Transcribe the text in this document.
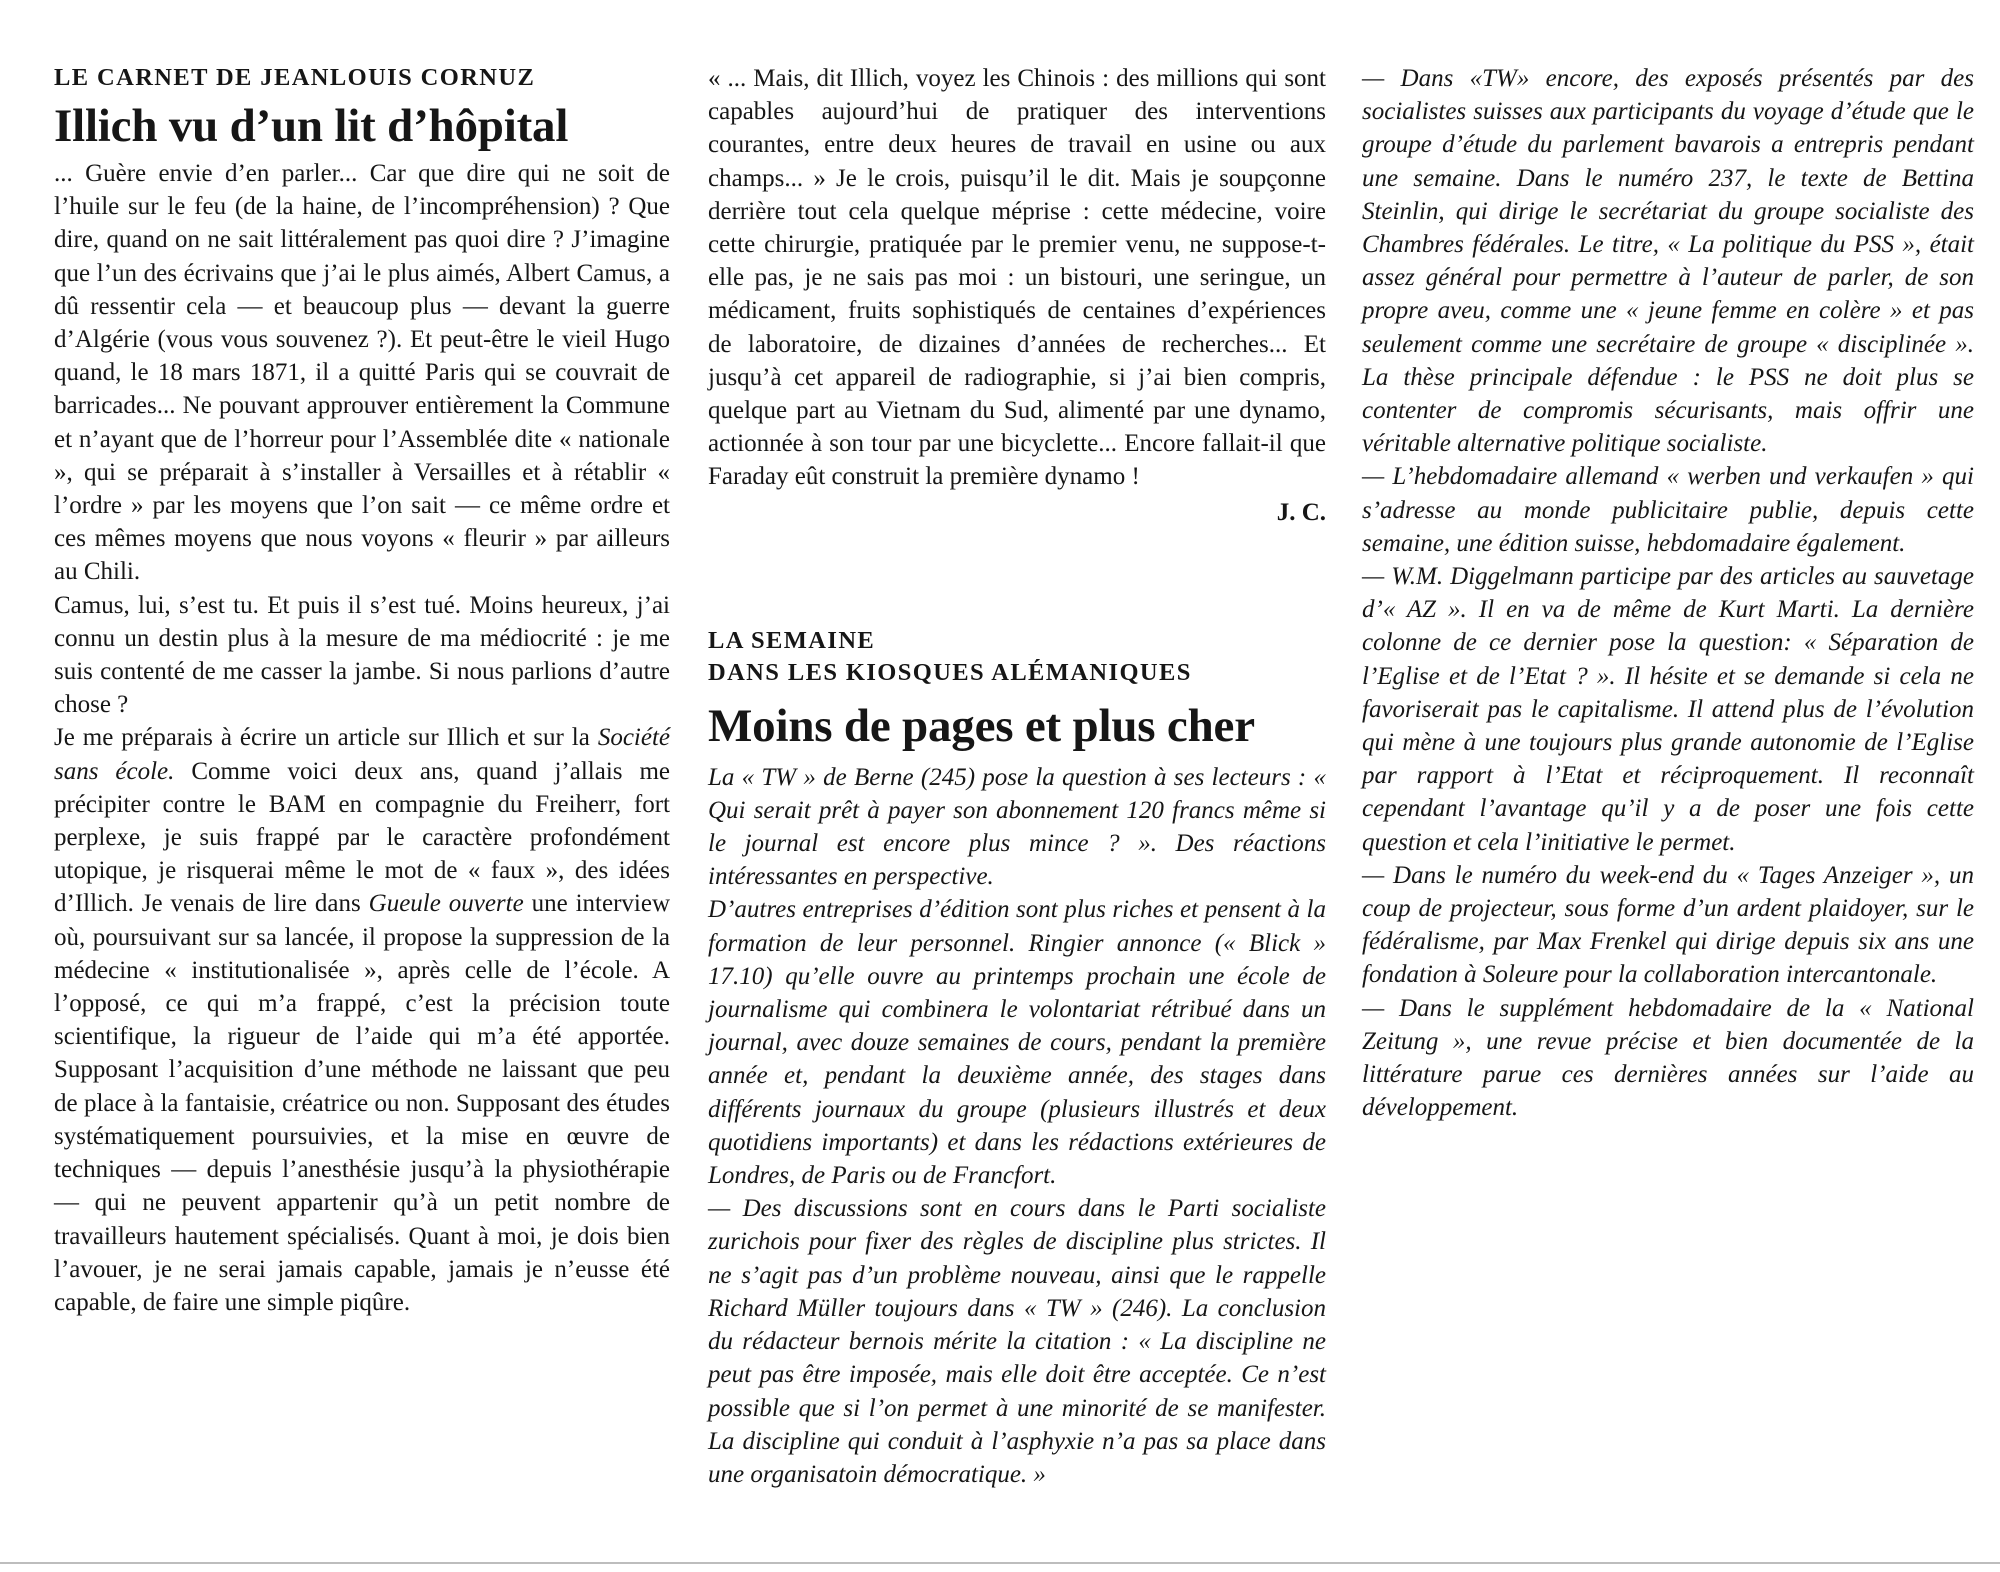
LE CARNET DE JEANLOUIS CORNUZ
Illich vu d’un lit d’hôpital

... Guère envie d’en parler... Car que dire qui ne soit de l’huile sur le feu (de la haine, de l’incompréhension) ? Que dire, quand on ne sait littéralement pas quoi dire ? J’imagine que l’un des écrivains que j’ai le plus aimés, Albert Camus, a dû ressentir cela — et beaucoup plus — devant la guerre d’Algérie (vous vous souvenez ?). Et peut-être le vieil Hugo quand, le 18 mars 1871, il a quitté Paris qui se couvrait de barricades... Ne pouvant approuver entièrement la Commune et n’ayant que de l’horreur pour l’Assemblée dite « nationale », qui se préparait à s’installer à Versailles et à rétablir « l’ordre » par les moyens que l’on sait — ce même ordre et ces mêmes moyens que nous voyons « fleurir » par ailleurs au Chili.

Camus, lui, s’est tu. Et puis il s’est tué. Moins heureux, j’ai connu un destin plus à la mesure de ma médiocrité : je me suis contenté de me casser la jambe. Si nous parlions d’autre chose ?

Je me préparais à écrire un article sur Illich et sur la Société sans école. Comme voici deux ans, quand j’allais me précipiter contre le BAM en compagnie du Freiherr, fort perplexe, je suis frappé par le caractère profondément utopique, je risquerai même le mot de « faux », des idées d’Illich. Je venais de lire dans Gueule ouverte une interview où, poursuivant sur sa lancée, il propose la suppression de la médecine « institutionalisée », après celle de l’école. A l’opposé, ce qui m’a frappé, c’est la précision toute scientifique, la rigueur de l’aide qui m’a été apportée. Supposant l’acquisition d’une méthode ne laissant que peu de place à la fantaisie, créatrice ou non. Supposant des études systématiquement poursuivies, et la mise en œuvre de techniques — depuis l’anesthésie jusqu’à la physiothérapie — qui ne peuvent appartenir qu’à un petit nombre de travailleurs hautement spécialisés. Quant à moi, je dois bien l’avouer, je ne serai jamais capable, jamais je n’eusse été capable, de faire une simple piqûre.

« ... Mais, dit Illich, voyez les Chinois : des millions qui sont capables aujourd’hui de pratiquer des interventions courantes, entre deux heures de travail en usine ou aux champs... » Je le crois, puisqu’il le dit. Mais je soupçonne derrière tout cela quelque méprise : cette médecine, voire cette chirurgie, pratiquée par le premier venu, ne suppose-t-elle pas, je ne sais pas moi : un bistouri, une seringue, un médicament, fruits sophistiqués de centaines d’expériences de laboratoire, de dizaines d’années de recherches... Et jusqu’à cet appareil de radiographie, si j’ai bien compris, quelque part au Vietnam du Sud, alimenté par une dynamo, actionnée à son tour par une bicyclette... Encore fallait-il que Faraday eût construit la première dynamo !

J. C.
LA SEMAINE
DANS LES KIOSQUES ALÉMANIQUES
Moins de pages et plus cher

La « TW » de Berne (245) pose la question à ses lecteurs : « Qui serait prêt à payer son abonnement 120 francs même si le journal est encore plus mince ? ». Des réactions intéressantes en perspective.

D’autres entreprises d’édition sont plus riches et pensent à la formation de leur personnel. Ringier annonce (« Blick » 17.10) qu’elle ouvre au printemps prochain une école de journalisme qui combinera le volontariat rétribué dans un journal, avec douze semaines de cours, pendant la première année et, pendant la deuxième année, des stages dans différents journaux du groupe (plusieurs illustrés et deux quotidiens importants) et dans les rédactions extérieures de Londres, de Paris ou de Francfort.

— Des discussions sont en cours dans le Parti socialiste zurichois pour fixer des règles de discipline plus strictes. Il ne s’agit pas d’un problème nouveau, ainsi que le rappelle Richard Müller toujours dans « TW » (246). La conclusion du rédacteur bernois mérite la citation : « La discipline ne peut pas être imposée, mais elle doit être acceptée. Ce n’est possible que si l’on permet à une minorité de se manifester. La discipline qui conduit à l’asphyxie n’a pas sa place dans une organisatoin démocratique. »

— Dans «TW» encore, des exposés présentés par des socialistes suisses aux participants du voyage d’étude que le groupe d’étude du parlement bavarois a entrepris pendant une semaine. Dans le numéro 237, le texte de Bettina Steinlin, qui dirige le secrétariat du groupe socialiste des Chambres fédérales. Le titre, « La politique du PSS », était assez général pour permettre à l’auteur de parler, de son propre aveu, comme une « jeune femme en colère » et pas seulement comme une secrétaire de groupe « disciplinée ». La thèse principale défendue : le PSS ne doit plus se contenter de compromis sécurisants, mais offrir une véritable alternative politique socialiste.

— L’hebdomadaire allemand « werben und verkaufen » qui s’adresse au monde publicitaire publie, depuis cette semaine, une édition suisse, hebdomadaire également.

— W.M. Diggelmann participe par des articles au sauvetage d’« AZ ». Il en va de même de Kurt Marti. La dernière colonne de ce dernier pose la question: « Séparation de l’Eglise et de l’Etat ? ». Il hésite et se demande si cela ne favoriserait pas le capitalisme. Il attend plus de l’évolution qui mène à une toujours plus grande autonomie de l’Eglise par rapport à l’Etat et réciproquement. Il reconnaît cependant l’avantage qu’il y a de poser une fois cette question et cela l’initiative le permet.

— Dans le numéro du week-end du « Tages Anzeiger », un coup de projecteur, sous forme d’un ardent plaidoyer, sur le fédéralisme, par Max Frenkel qui dirige depuis six ans une fondation à Soleure pour la collaboration intercantonale.

— Dans le supplément hebdomadaire de la « National Zeitung », une revue précise et bien documentée de la littérature parue ces dernières années sur l’aide au développement.
